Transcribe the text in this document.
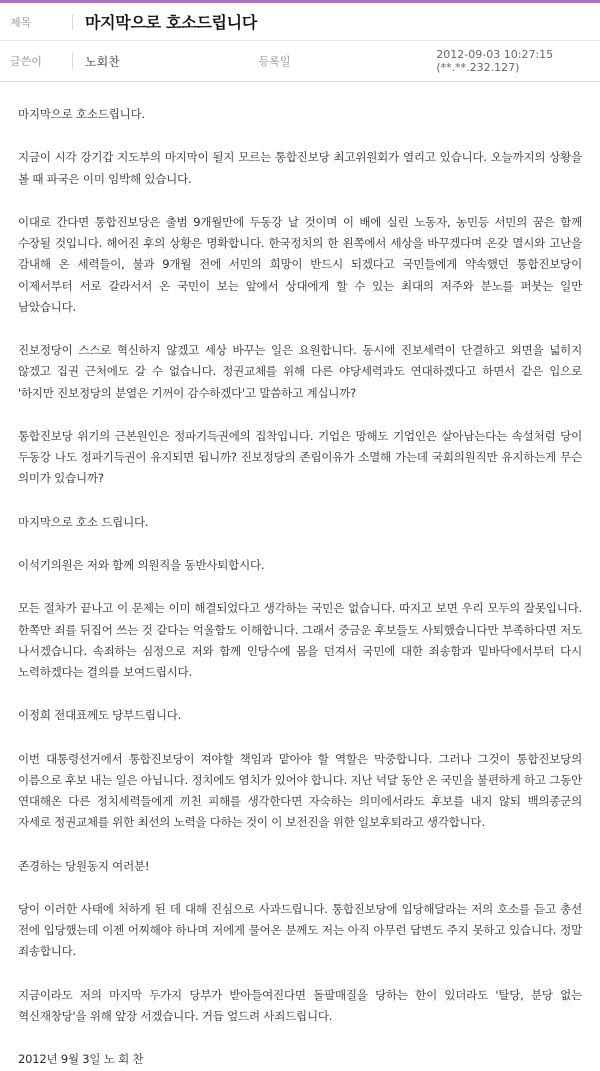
제목		마지막으로 호소드립니다		
글쓴이		노회찬	등록일	2012-09-03 10:27:15 (**.**.232.127)

마지막으로 호소드립니다.

지금이 시각 강기갑 지도부의 마지막이 될지 모르는 통합진보당 최고위원회가 열리고 있습니다. 오늘까지의 상황을 볼 때 파국은 이미 임박해 있습니다.

이대로 간다면 통합진보당은 출범 9개월만에 두동강 날 것이며 이 배에 실린 노동자, 농민등 서민의 꿈은 함께 수장될 것입니다. 해어진 후의 상황은 명확합니다. 한국정치의 한 왼쪽에서 세상을 바꾸겠다며 온갖 멸시와 고난을 감내해 온 세력들이, 불과 9개월 전에 서민의 희망이 반드시 되겠다고 국민들에게 약속했던 통합진보당이 이제서부터 서로 갈라서서 온 국민이 보는 앞에서 상대에게 할 수 있는 최대의 저주와 분노를 퍼붓는 일만 남았습니다.

진보정당이 스스로 혁신하지 않겠고 세상 바꾸는 일은 요원합니다. 동시에 진보세력이 단결하고 외면을 넓히지 않겠고 집권 근처에도 갈 수 없습니다. 정권교체를 위해 다른 야당세력과도 연대하겠다고 하면서 같은 입으로 '하지만 진보정당의 분열은 기꺼이 감수하겠다'고 말씀하고 계십니까?

통합진보당 위기의 근본원인은 정파기득권에의 집착입니다. 기업은 망해도 기업인은 살아남는다는 속설처럼 당이 두동강 나도 정파기득권이 유지되면 됩니까? 진보정당의 존립이유가 소멸해 가는데 국회의원직만 유지하는게 무슨 의미가 있습니까?

마지막으로 호소 드립니다.

이석기의원은 저와 함께 의원직을 동반사퇴합시다.

모든 절차가 끝나고 이 문제는 이미 해결되었다고 생각하는 국민은 없습니다. 따지고 보면 우리 모두의 잘못입니다. 한쪽만 죄를 뒤집어 쓰는 것 같다는 억울함도 이해합니다. 그래서 중금운 후보들도 사퇴했습니다만 부족하다면 저도 나서겠습니다. 속죄하는 심정으로 저와 함께 인당수에 몸을 던져서 국민에 대한 죄송함과 밑바닥에서부터 다시 노력하겠다는 결의를 보여드립시다.

이정희 전대표께도 당부드립니다.

이번 대통령선거에서 통합진보당이 져야할 책임과 맡아야 할 역할은 막중합니다. 그러나 그것이 통합진보당의 이름으로 후보 내는 일은 아닙니다. 정치에도 염치가 있어야 합니다. 지난 넉달 동안 온 국민을 불편하게 하고 그동안 연대해온 다른 정치세력들에게 끼친 피해를 생각한다면 자숙하는 의미에서라도 후보를 내지 않되 백의종군의 자세로 정권교체를 위한 최선의 노력을 다하는 것이 이 보전진을 위한 일보후퇴라고 생각합니다.

존경하는 당원동지 여러분!

당이 이러한 사태에 처하게 된 데 대해 진심으로 사과드립니다. 통합진보당에 입당해달라는 저의 호소를 듣고 총선 전에 입당했는데 이젠 어찌해야 하나며 저에게 물어온 분께도 저는 아직 아무런 답변도 주지 못하고 있습니다. 정말 죄송합니다.

지금이라도 저의 마지막 두가지 당부가 받아들여진다면 돌팔매질을 당하는 한이 있더라도 '탈당, 분당 없는 혁신재창당'을 위해 앞장 서겠습니다. 거듭 엎드려 사죄드립니다.

2012년 9월 3일 노 회 찬
